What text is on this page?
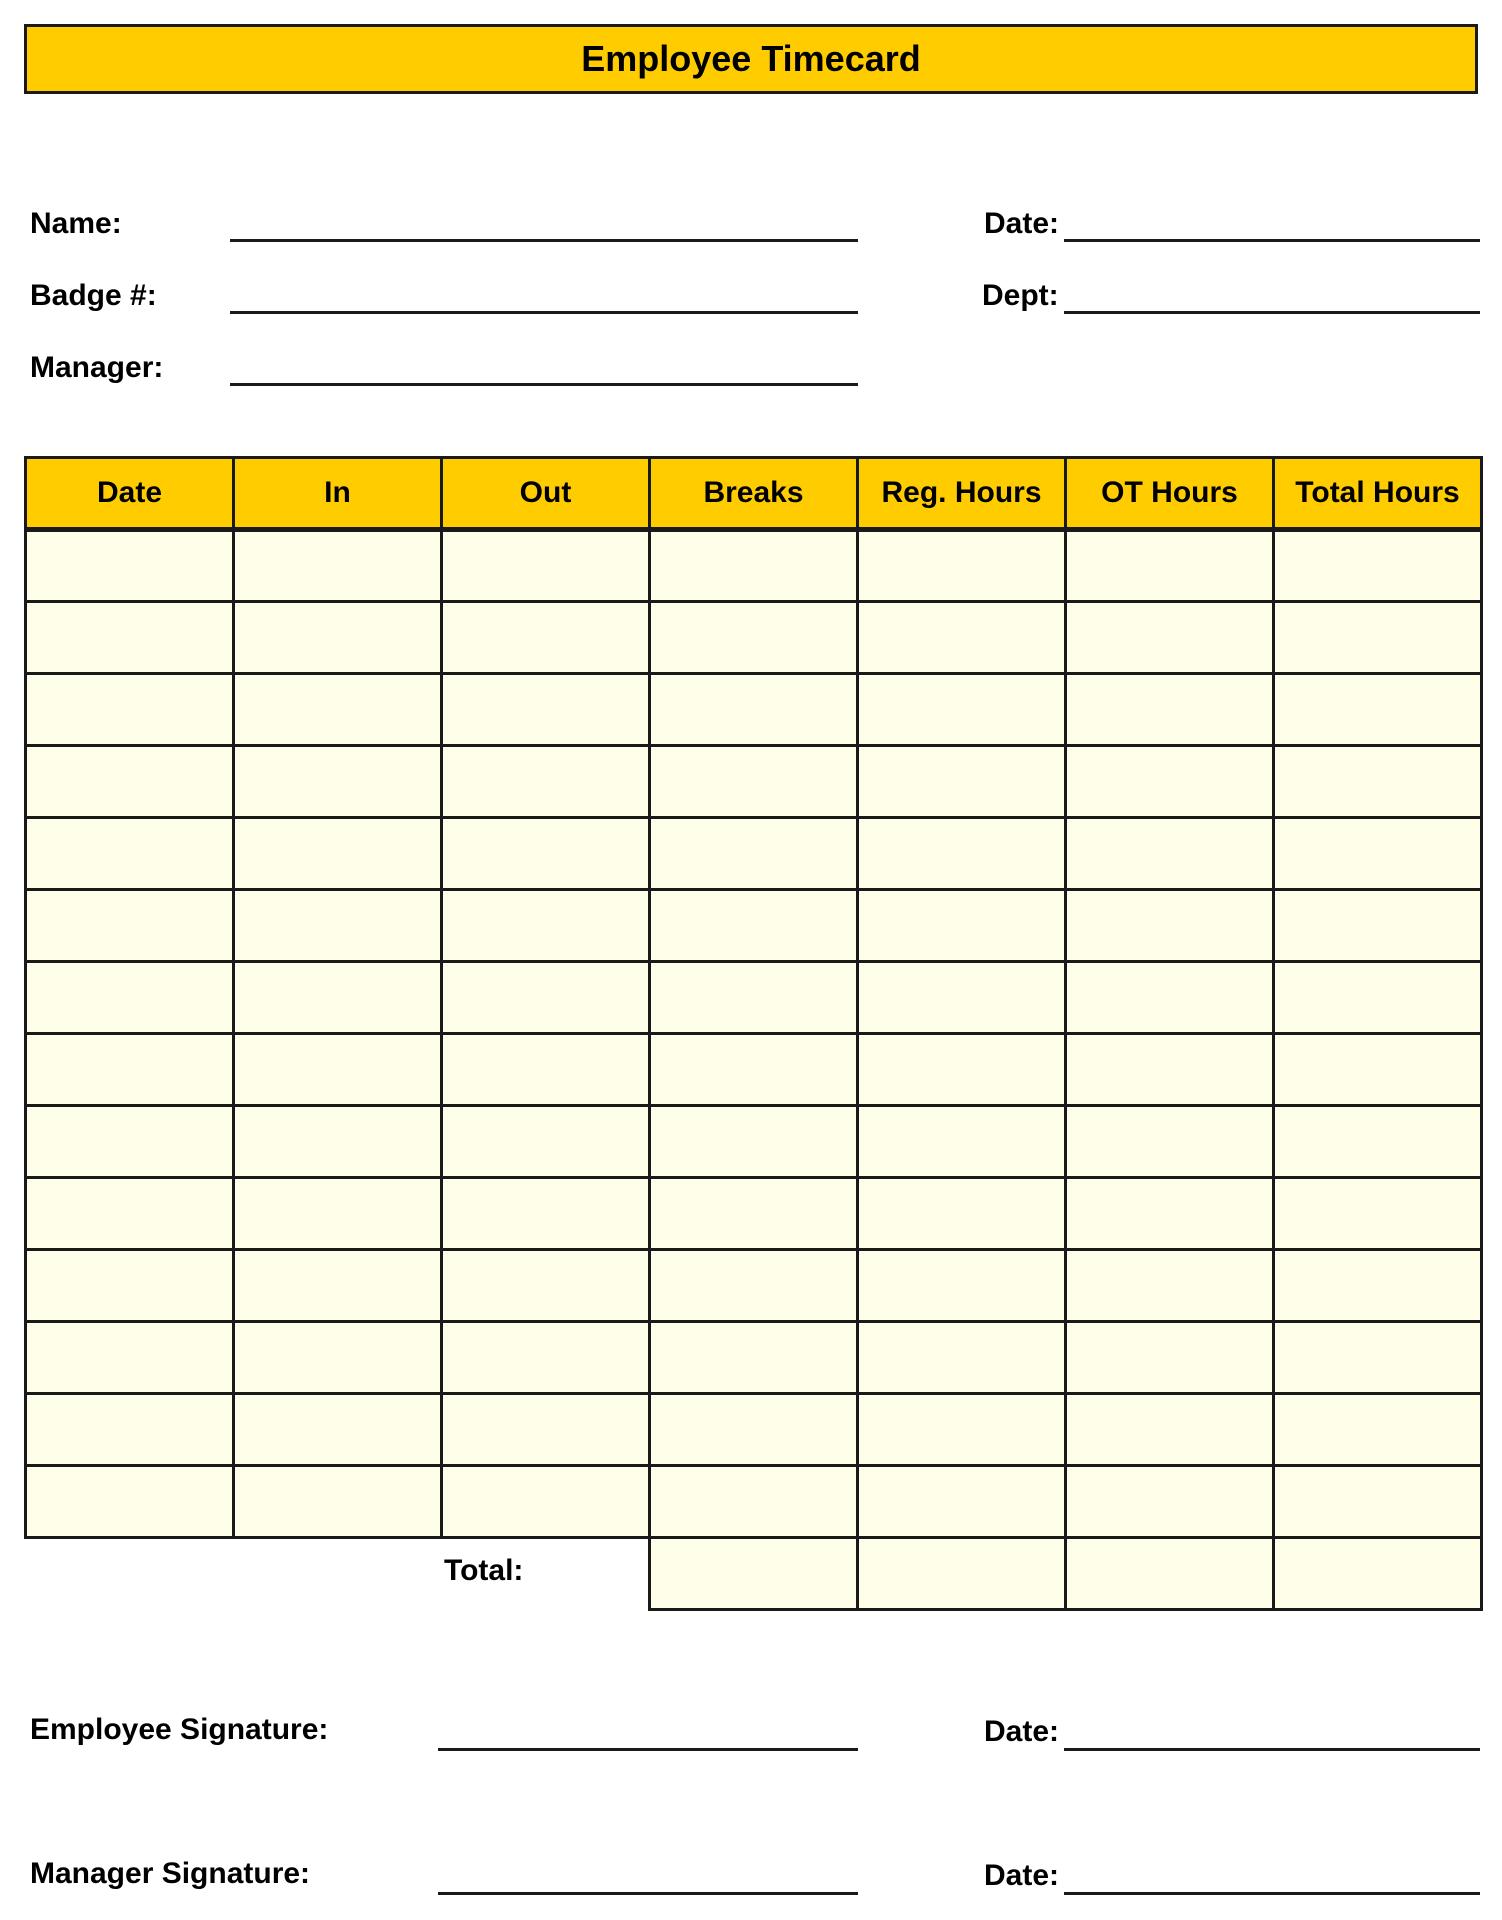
Employee Timecard
Name:
Badge #:
Manager:
Date:
Dept:
Date	In	Out	Breaks	Reg. Hours	OT Hours	Total Hours

Total:
Employee Signature:	Date:
Manager Signature:	Date:
